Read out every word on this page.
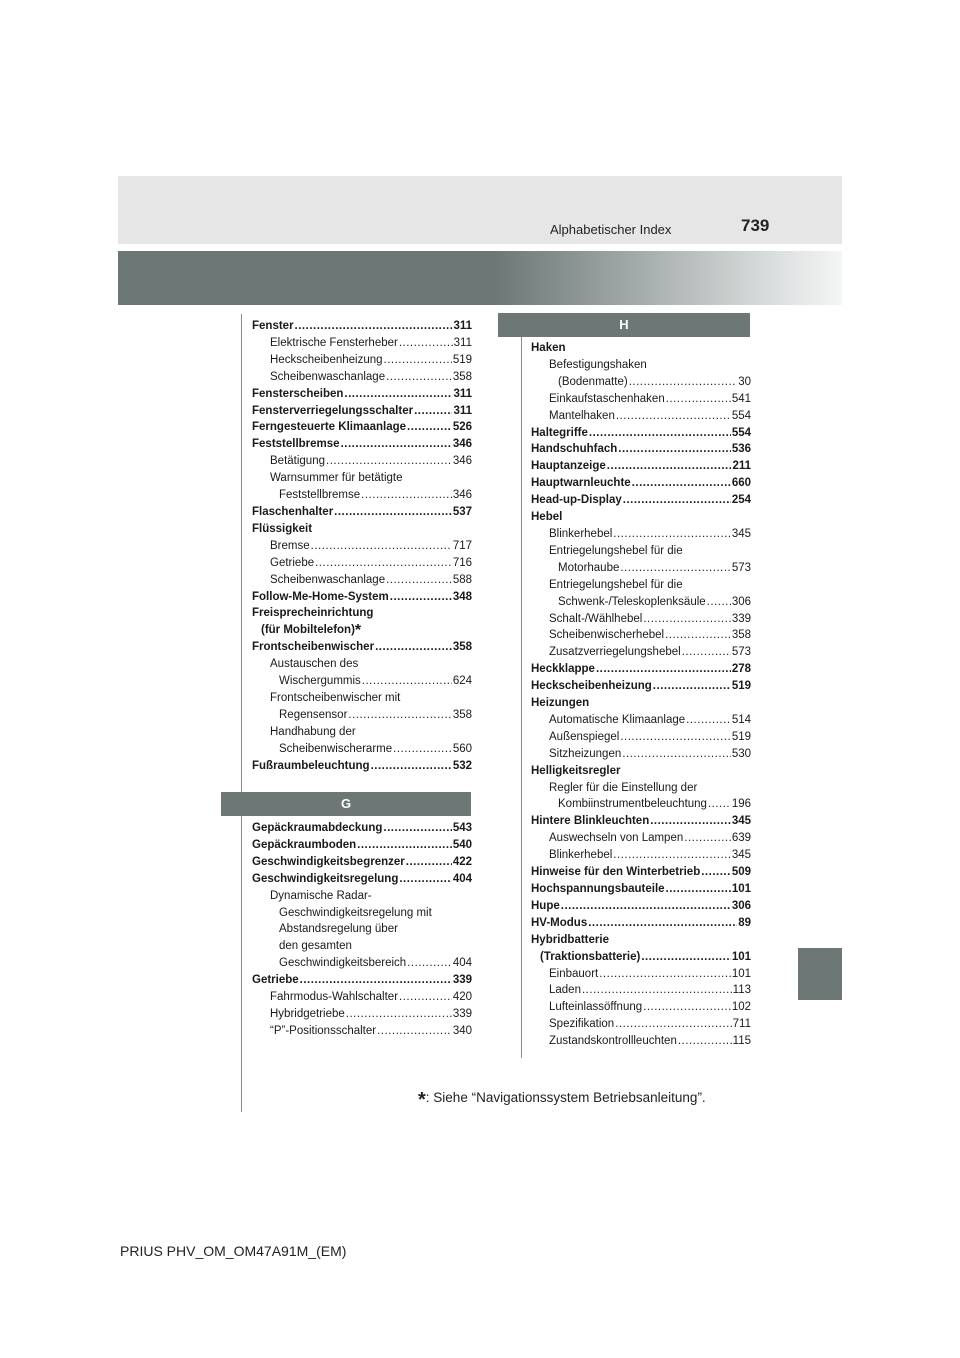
Alphabetischer Index	739
Fenster .....	311
Elektrische Fensterheber .....	311
Heckscheibenheizung .....	519
Scheibenwaschanlage .....	358
Fensterscheiben .....	311
Fensterverriegelungsschalter .....	311
Ferngesteuerte Klimaanlage .....	526
Feststellbremse .....	346
Betätigung .....	346
Warnsummer für betätigte
Feststellbremse .....	346
Flaschenhalter .....	537
Flüssigkeit
Bremse .....	717
Getriebe .....	716
Scheibenwaschanlage .....	588
Follow-Me-Home-System .....	348
Freisprecheinrichtung
(für Mobiltelefon)*
Frontscheibenwischer .....	358
Austauschen des
Wischergummis .....	624
Frontscheibenwischer mit
Regensensor .....	358
Handhabung der
Scheibenwischerarme .....	560
Fußraumbeleuchtung .....	532
G
Gepäckraumabdeckung .....	543
Gepäckraumboden .....	540
Geschwindigkeitsbegrenzer .....	422
Geschwindigkeitsregelung .....	404
Dynamische Radar-
Geschwindigkeitsregelung mit
Abstandsregelung über
den gesamten
Geschwindigkeitsbereich .....	404
Getriebe .....	339
Fahrmodus-Wahlschalter .....	420
Hybridgetriebe .....	339
“P”-Positionsschalter .....	340
H
Haken
Befestigungshaken
(Bodenmatte) .....	30
Einkaufstaschenhaken .....	541
Mantelhaken .....	554
Haltegriffe .....	554
Handschuhfach .....	536
Hauptanzeige .....	211
Hauptwarnleuchte .....	660
Head-up-Display .....	254
Hebel
Blinkerhebel .....	345
Entriegelungshebel für die
Motorhaube .....	573
Entriegelungshebel für die
Schwenk-/Teleskoplenksäule ..... 306
Schalt-/Wählhebel .....	339
Scheibenwischerhebel .....	358
Zusatzverriegelungshebel .....	573
Heckklappe .....	278
Heckscheibenheizung .....	519
Heizungen
Automatische Klimaanlage .....	514
Außenspiegel .....	519
Sitzheizungen .....	530
Helligkeitsregler
Regler für die Einstellung der
Kombiinstrumentbeleuchtung ..... 196
Hintere Blinkleuchten .....	345
Auswechseln von Lampen .....	639
Blinkerhebel .....	345
Hinweise für den Winterbetrieb .....	509
Hochspannungsbauteile .....	101
Hupe .....	306
HV-Modus .....	89
Hybridbatterie
(Traktionsbatterie) .....	101
Einbauort .....	101
Laden .....	113
Lufteinlassöffnung .....	102
Spezifikation .....	711
Zustandskontrollleuchten .....	115
*: Siehe “Navigationssystem Betriebsanleitung”.
PRIUS PHV_OM_OM47A91M_(EM)
